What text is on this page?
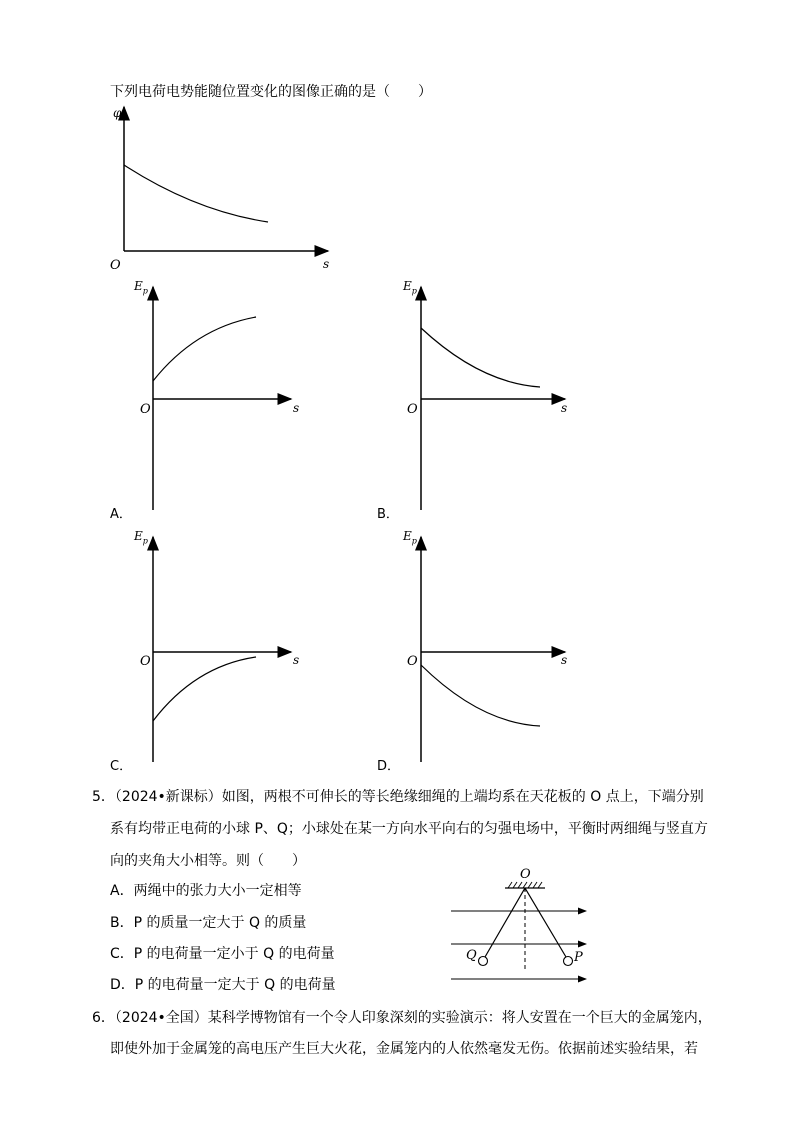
下列电荷电势能随位置变化的图像正确的是（　　）
φ
O	s
$E_p$
O	s
A．
$E_p$
O	s
B．
$E_p$
O	s
C．
$E_p$
O	s
D．
5．（2024•新课标）如图，两根不可伸长的等长绝缘细绳的上端均系在天花板的 O 点上，下端分别
系有均带正电荷的小球 P、Q；小球处在某一方向水平向右的匀强电场中，平衡时两细绳与竖直方
向的夹角大小相等。则（　　）
A．两绳中的张力大小一定相等
B．P 的质量一定大于 Q 的质量
C．P 的电荷量一定小于 Q 的电荷量
D．P 的电荷量一定大于 Q 的电荷量
O
Q	P
6．（2024•全国）某科学博物馆有一个令人印象深刻的实验演示：将人安置在一个巨大的金属笼内，
即使外加于金属笼的高电压产生巨大火花，金属笼内的人依然毫发无伤。依据前述实验结果，若
